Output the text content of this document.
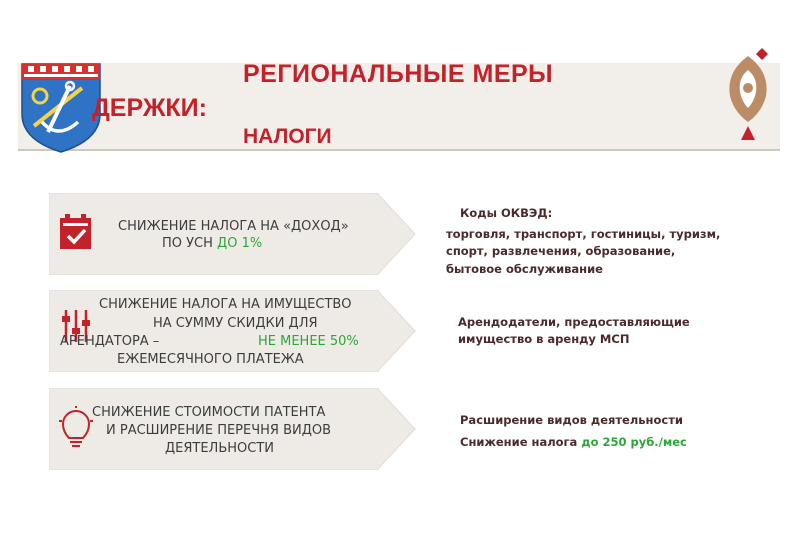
РЕГИОНАЛЬНЫЕ МЕРЫ
ДЕРЖКИ:
НАЛОГИ
СНИЖЕНИЕ НАЛОГА НА «ДОХОД»
ПО УСН ДО 1%
СНИЖЕНИЕ НАЛОГА НА ИМУЩЕСТВО
НА СУММУ СКИДКИ ДЛЯ
АРЕНДАТОРА –	НЕ МЕНЕЕ 50%
ЕЖЕМЕСЯЧНОГО ПЛАТЕЖА
СНИЖЕНИЕ СТОИМОСТИ ПАТЕНТА
И РАСШИРЕНИЕ ПЕРЕЧНЯ ВИДОВ
ДЕЯТЕЛЬНОСТИ
Коды ОКВЭД:
торговля, транспорт, гостиницы, туризм,
спорт, развлечения, образование,
бытовое обслуживание
Арендодатели, предоставляющие
имущество в аренду МСП
Расширение видов деятельности
Снижение налога до 250 руб./мес
